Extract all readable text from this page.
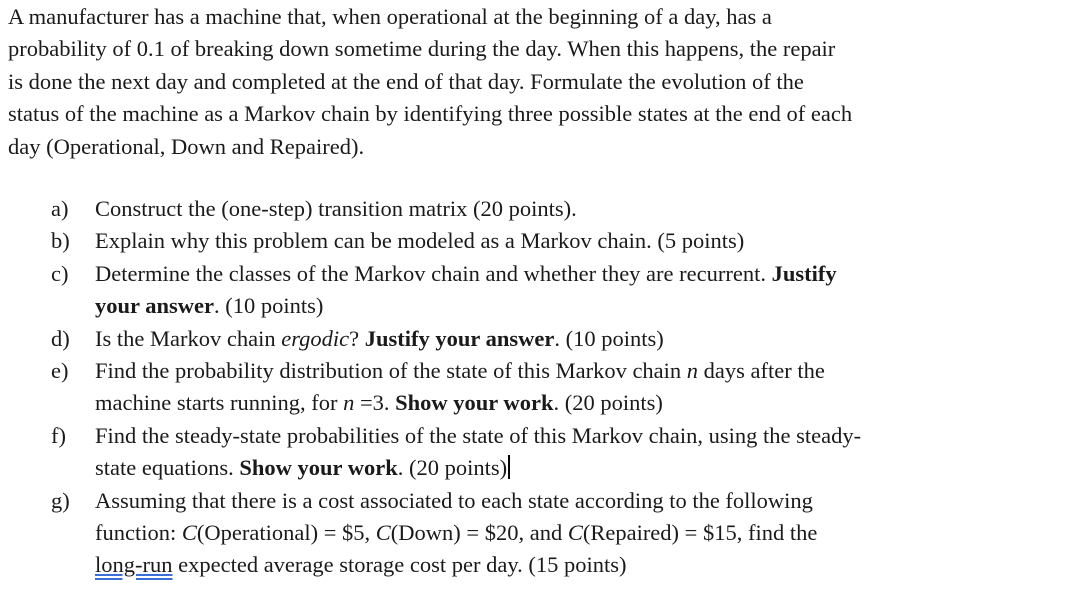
A manufacturer has a machine that, when operational at the beginning of a day, has a
probability of 0.1 of breaking down sometime during the day. When this happens, the repair
is done the next day and completed at the end of that day. Formulate the evolution of the
status of the machine as a Markov chain by identifying three possible states at the end of each
day (Operational, Down and Repaired).

a) Construct the (one-step) transition matrix (20 points).
b) Explain why this problem can be modeled as a Markov chain. (5 points)
c) Determine the classes of the Markov chain and whether they are recurrent. Justify
your answer. (10 points)
d) Is the Markov chain ergodic? Justify your answer. (10 points)
e) Find the probability distribution of the state of this Markov chain n days after the
machine starts running, for n =3. Show your work. (20 points)
f) Find the steady-state probabilities of the state of this Markov chain, using the steady-
state equations. Show your work. (20 points)
g) Assuming that there is a cost associated to each state according to the following
function: C(Operational) = $5, C(Down) = $20, and C(Repaired) = $15, find the
long-run expected average storage cost per day. (15 points)
